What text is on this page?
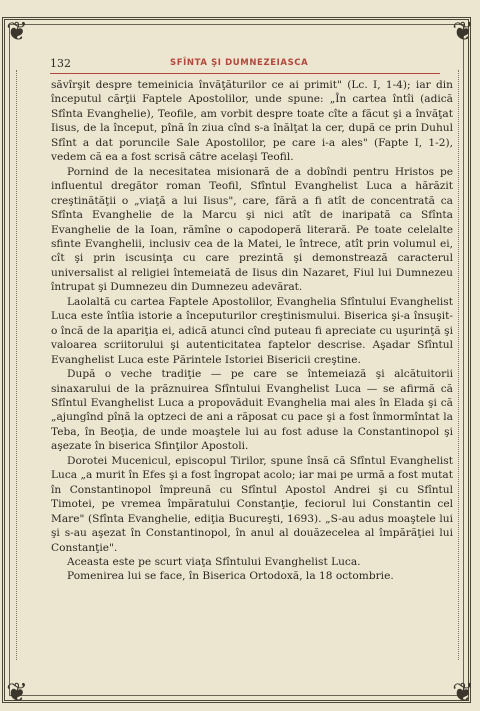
❦	❦
❦	❦
132	SFÎNTA ŞI DUMNEZEIASCA

săvîrşit despre temeinicia învăţăturilor ce ai primit" (Lc. I, 1-4); iar din începutul cărţii Faptele Apostolilor, unde spune: „În cartea întîi (adică Sfînta Evanghelie), Teofile, am vorbit despre toate cîte a făcut şi a învăţat Iisus, de la început, pînă în ziua cînd s-a înălţat la cer, după ce prin Duhul Sfînt a dat poruncile Sale Apostolilor, pe care i-a ales" (Fapte I, 1-2), vedem că ea a fost scrisă către acelaşi Teofil.

Pornind de la necesitatea misionară de a dobîndi pentru Hristos pe influentul dregător roman Teofil, Sfîntul Evanghelist Luca a hărăzit creştinătăţii o „viaţă a lui Iisus", care, fără a fi atît de concentrată ca Sfînta Evanghelie de la Marcu şi nici atît de inaripată ca Sfînta Evanghelie de la Ioan, rămîne o capodoperă literară. Pe toate celelalte sfinte Evanghelii, inclusiv cea de la Matei, le întrece, atît prin volumul ei, cît şi prin iscusinţa cu care prezintă şi demonstrează caracterul universalist al religiei întemeiată de Iisus din Nazaret, Fiul lui Dumnezeu întrupat şi Dumnezeu din Dumnezeu adevărat.

Laolaltă cu cartea Faptele Apostolilor, Evanghelia Sfîntului Evanghelist Luca este întîia istorie a începuturilor creştinismului. Biserica şi-a însuşit-o încă de la apariţia ei, adică atunci cînd puteau fi apreciate cu uşurinţă şi valoarea scriitorului şi autenticitatea faptelor descrise. Aşadar Sfîntul Evanghelist Luca este Părintele Istoriei Bisericii creştine.

După o veche tradiţie — pe care se întemeiază şi alcătuitorii sinaxarului de la prăznuirea Sfîntului Evanghelist Luca — se afirmă că Sfîntul Evanghelist Luca a propovăduit Evanghelia mai ales în Elada şi că „ajungînd pînă la optzeci de ani a răposat cu pace şi a fost înmormîntat la Teba, în Beoţia, de unde moaştele lui au fost aduse la Constantinopol şi aşezate în biserica Sfinţilor Apostoli.

Dorotei Mucenicul, episcopul Tirilor, spune însă că Sfîntul Evanghelist Luca „a murit în Efes şi a fost îngropat acolo; iar mai pe urmă a fost mutat în Constantinopol împreună cu Sfîntul Apostol Andrei şi cu Sfîntul Timotei, pe vremea împăratului Constanţie, feciorul lui Constantin cel Mare" (Sfînta Evanghelie, ediţia Bucureşti, 1693). „S-au adus moaştele lui şi s-au aşezat în Constantinopol, în anul al douăzecelea al împărăţiei lui Constanţie".

Aceasta este pe scurt viaţa Sfîntului Evanghelist Luca.

Pomenirea lui se face, în Biserica Ortodoxă, la 18 octombrie.
